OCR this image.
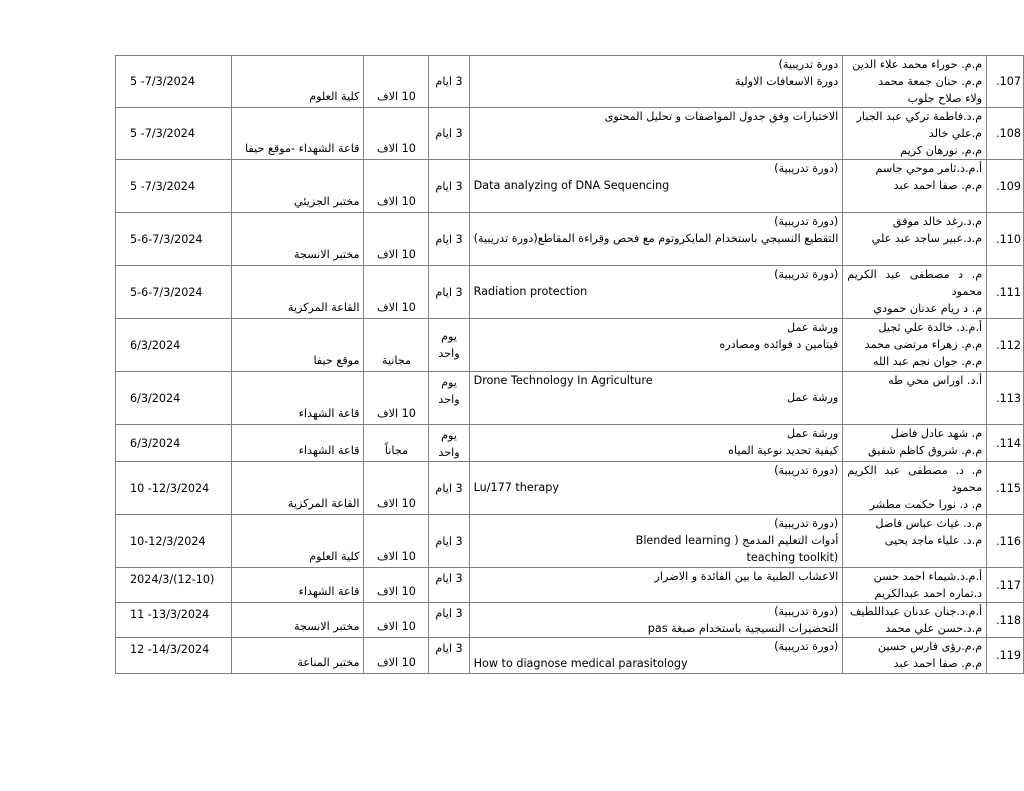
107.	م.م. حوراء محمد علاء الدين
م.م. حنان جمعة محمد
ولاء صلاح جلوب	دورة تدريبية)
دورة الاسعافات الاولية	3 ايام	10 الاف	كلية العلوم	5 -7/3/2024

108.	م.د.فاطمة تركي عبد الجبار
م.علي خالد
م.م. نورهان كريم	الاختبارات وفق جدول المواصفات و تحليل المحتوى	3 ايام	10 الاف	قاعة الشهداء -موقع حيفا	5 -7/3/2024

109.	أ.م.د.ثامر موحي جاسم
م.م. صفا احمد عبد	(دورة تدريبية)
Data analyzing of DNA Sequencing	3 ايام	10 الاف	مختبر الجزيئي	5 -7/3/2024

110.	م.د.رغد خالد موفق
م.د.عبير ساجد عبد علي	(دورة تدريبية)
التقطيع النسيجي باستخدام المايكروتوم مع فحص وقراءة المقاطع(دورة تدريبية)	3 ايام	10 الاف	مختبر الانسجة	5-6-7/3/2024

111.	م. د مصطفى عبد الكريم محمود
م. د ريام عدنان حمودي	(دورة تدريبية)
Radiation protection	3 ايام	10 الاف	القاعة المركزية	5-6-7/3/2024

112.	أ.م.د. خالدة علي ثجيل
م.م. زهراء مرتضى محمد
م.م. جوان نجم عبد الله	ورشة عمل
فيتامين د فوائده ومصادره	يوم
واحد	مجانية	موقع حيفا	6/3/2024

113.	أ.د. اوراس محي طه	Drone Technology In Agriculture
ورشة عمل	يوم
واحد	10 الاف	قاعة الشهداء	6/3/2024

114.	م. شهد عادل فاضل
م.م. شروق كاظم شفيق	ورشة عمل
كيفية تحديد نوعية المياه	يوم
واحد	مجاناً	قاعة الشهداء	6/3/2024

115.	م. د. مصطفى عبد الكريم محمود
م. د. نورا حكمت مطشر	(دورة تدريبية)
Lu/177 therapy	3 ايام	10 الاف	القاعة المركزية	10 -12/3/2024

116.	م.د. غياث عباس فاضل
م.د. علياء ماجد يحيى	(دورة تدريبية)
أدوات التعليم المدمج ( Blended learning
(teaching toolkit	3 ايام	10 الاف	كلية العلوم	10-12/3/2024

117.	أ.م.د.شيماء احمد حسن
د.تماره احمد عبدالكريم	الاعشاب الطبية ما بين الفائدة و الاضرار	3 ايام	10 الاف	قاعة الشهداء	2024/3/(12-10)

118.	أ.م.د.جنان عدنان عبداللطيف
م.د.حسن علي محمد	(دورة تدريبية)
التحضيرات النسيجية باستخدام صبغة pas	3 ايام	10 الاف	مختبر الانسجة	11 -13/3/2024

119.	م.م.رؤى فارس حسين
م.م. صفا احمد عبد	(دورة تدريبية)
How to diagnose medical parasitology	3 ايام	10 الاف	مختبر المناعة	12 -14/3/2024
